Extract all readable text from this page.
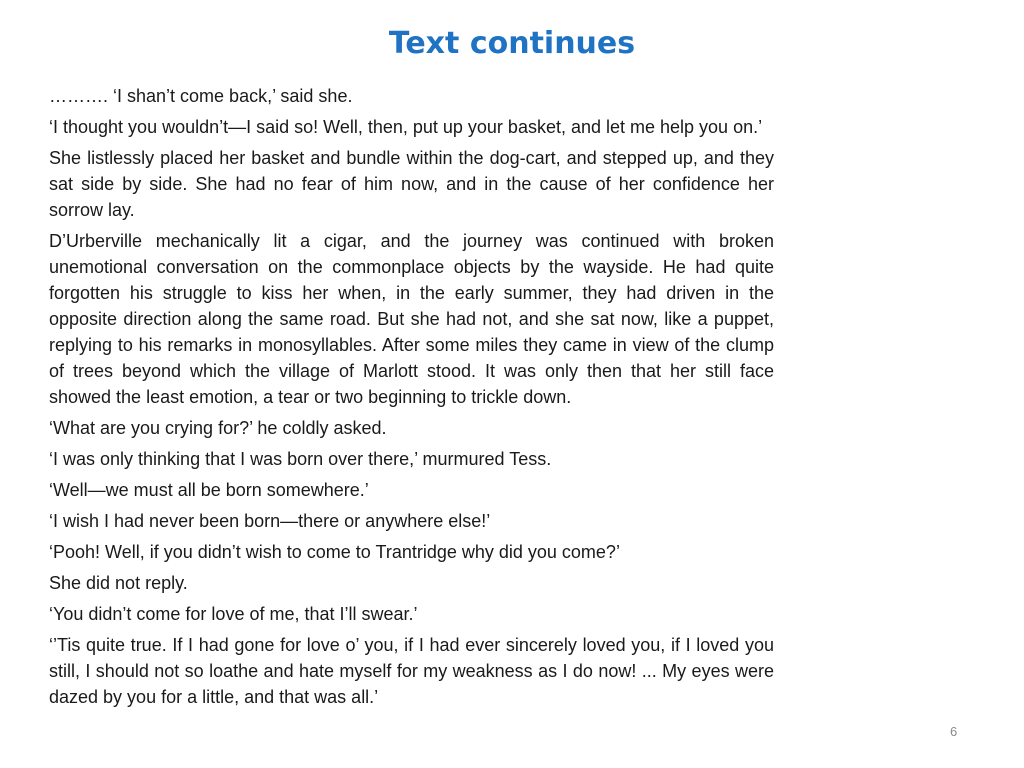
Text continues

………. ‘I shan’t come back,’ said she.

‘I thought you wouldn’t—I said so! Well, then, put up your basket, and let me help you on.’

She listlessly placed her basket and bundle within the dog-cart, and stepped up, and they sat side by side. She had no fear of him now, and in the cause of her confidence her sorrow lay.

D’Urberville mechanically lit a cigar, and the journey was continued with broken unemotional conversation on the commonplace objects by the wayside. He had quite forgotten his struggle to kiss her when, in the early summer, they had driven in the opposite direction along the same road. But she had not, and she sat now, like a puppet, replying to his remarks in monosyllables. After some miles they came in view of the clump of trees beyond which the village of Marlott stood. It was only then that her still face showed the least emotion, a tear or two beginning to trickle down.

‘What are you crying for?’ he coldly asked.

‘I was only thinking that I was born over there,’ murmured Tess.

‘Well—we must all be born somewhere.’

‘I wish I had never been born—there or anywhere else!’

‘Pooh! Well, if you didn’t wish to come to Trantridge why did you come?’

She did not reply.

‘You didn’t come for love of me, that I’ll swear.’

‘’Tis quite true. If I had gone for love o’ you, if I had ever sincerely loved you, if I loved you still, I should not so loathe and hate myself for my weakness as I do now! ... My eyes were dazed by you for a little, and that was all.’

6
